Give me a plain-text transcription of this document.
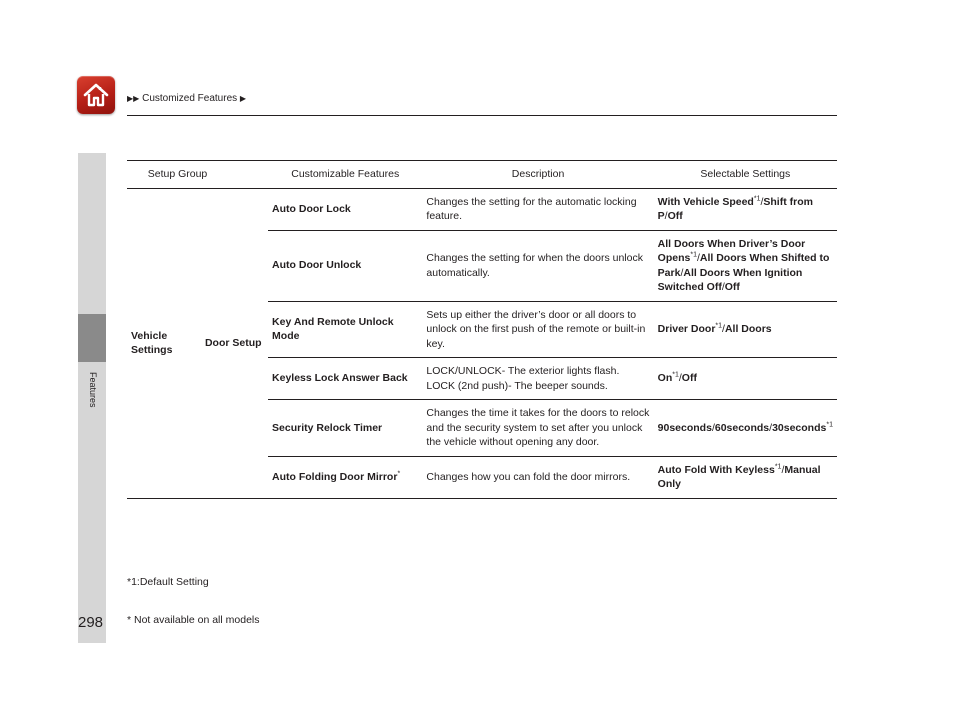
▶▶ Customized Features ▶
Features
Setup Group		Customizable Features	Description	Selectable Settings
Vehicle Settings	Door Setup	Auto Door Lock	Changes the setting for the automatic locking feature.	With Vehicle Speed$^{*1}$/Shift from P/Off
		Auto Door Unlock	Changes the setting for when the doors unlock automatically.	All Doors When Driver’s Door Opens$^{*1}$/All Doors When Shifted to Park/All Doors When Ignition Switched Off/Off
		Key And Remote Unlock Mode	Sets up either the driver’s door or all doors to unlock on the first push of the remote or built-in key.	Driver Door$^{*1}$/All Doors
		Keyless Lock Answer Back	LOCK/UNLOCK- The exterior lights flash.
LOCK (2nd push)- The beeper sounds.	On$^{*1}$/Off
		Security Relock Timer	Changes the time it takes for the doors to relock and the security system to set after you unlock the vehicle without opening any door.	90seconds/60seconds/30seconds$^{*1}$
		Auto Folding Door Mirror*	Changes how you can fold the door mirrors.	Auto Fold With Keyless$^{*1}$/Manual Only

*1:Default Setting
298 * Not available on all models
